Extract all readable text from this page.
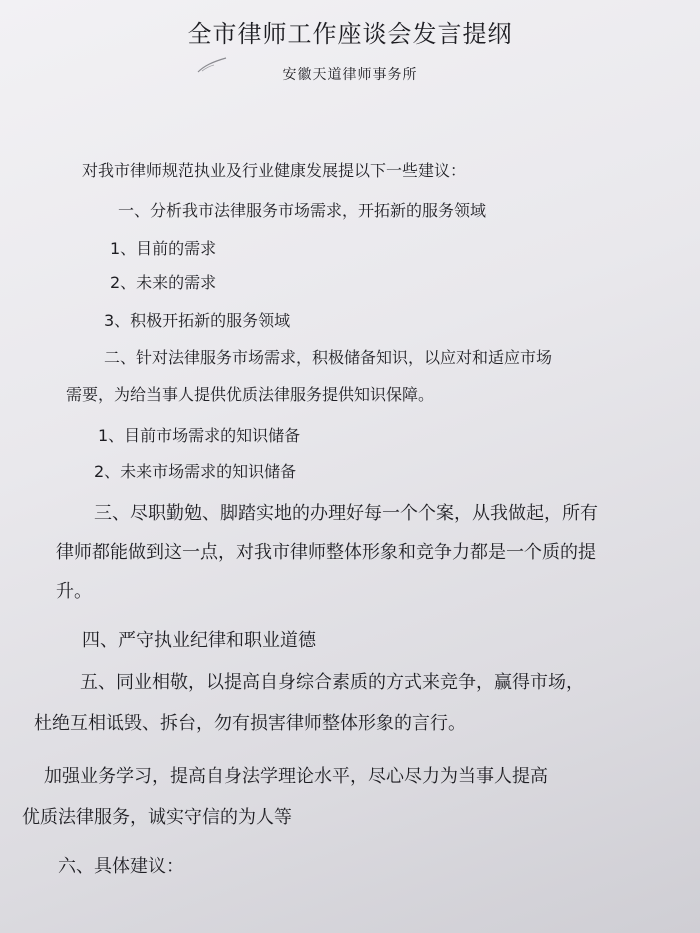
全市律师工作座谈会发言提纲
安徽天道律师事务所
对我市律师规范执业及行业健康发展提以下一些建议：
一、分析我市法律服务市场需求，开拓新的服务领域
1、目前的需求
2、未来的需求
3、积极开拓新的服务领域
二、针对法律服务市场需求，积极储备知识，以应对和适应市场
需要，为给当事人提供优质法律服务提供知识保障。
1、目前市场需求的知识储备
2、未来市场需求的知识储备
三、尽职勤勉、脚踏实地的办理好每一个个案，从我做起，所有
律师都能做到这一点，对我市律师整体形象和竞争力都是一个质的提
升。
四、严守执业纪律和职业道德
五、同业相敬，以提高自身综合素质的方式来竞争，赢得市场，
杜绝互相诋毁、拆台，勿有损害律师整体形象的言行。
加强业务学习，提高自身法学理论水平，尽心尽力为当事人提高
优质法律服务，诚实守信的为人等
六、具体建议：
